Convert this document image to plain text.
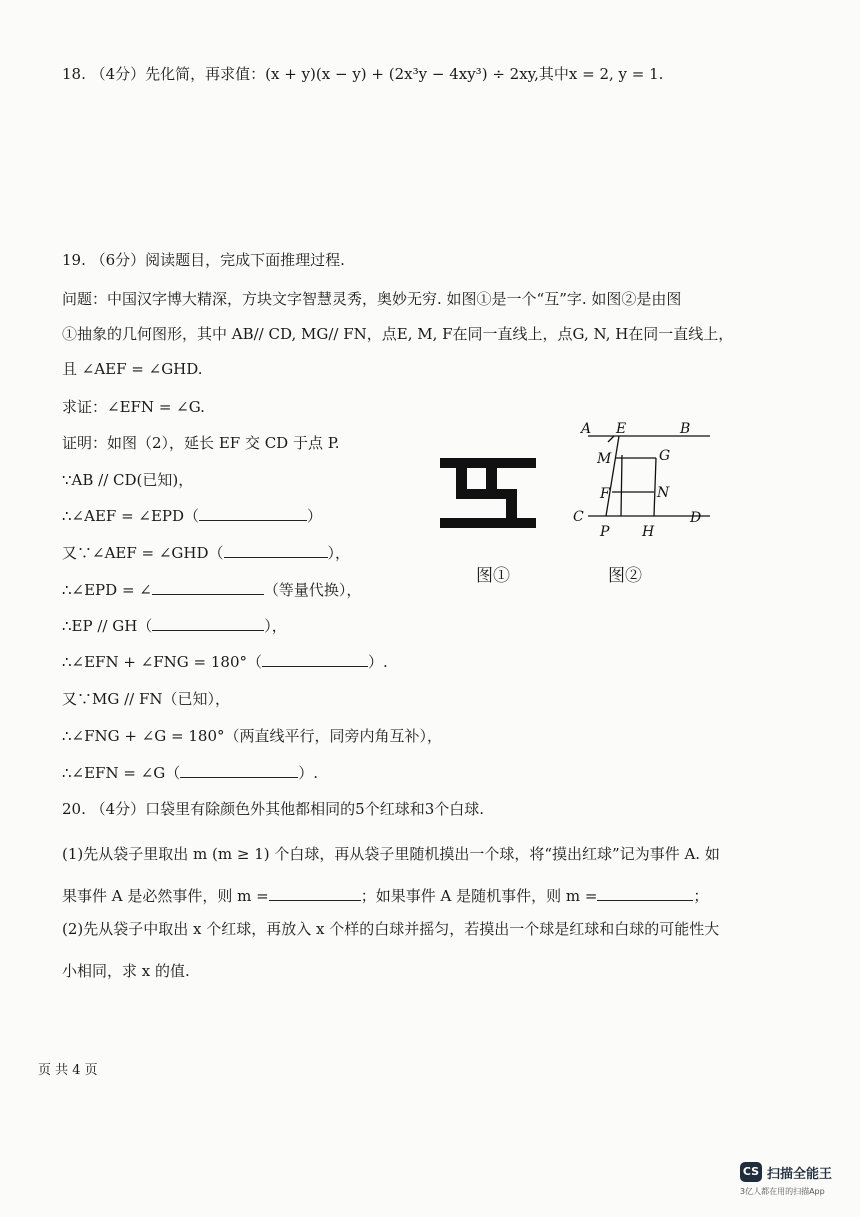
18. （4分）先化简，再求值：(x + y)(x − y) + (2x³y − 4xy³) ÷ 2xy,其中x = 2, y = 1.
19. （6分）阅读题目，完成下面推理过程.
问题：中国汉字博大精深，方块文字智慧灵秀，奥妙无穷. 如图①是一个“互”字. 如图②是由图
①抽象的几何图形，其中 AB// CD, MG// FN，点E, M, F在同一直线上，点G, N, H在同一直线上，
且 ∠AEF = ∠GHD.
求证：∠EFN = ∠G.
证明：如图（2），延长 EF 交 CD 于点 P.
∵AB // CD(已知)，
∴∠AEF = ∠EPD（	）
又∵∠AEF = ∠GHD（	），
∴∠EPD = ∠	（等量代换），
∴EP // GH（	），
∴∠EFN + ∠FNG = 180°（	）.
又∵MG // FN（已知），
∴∠FNG + ∠G = 180°（两直线平行，同旁内角互补），
∴∠EFN = ∠G（	）.
A E	B
M	G
F	N
C	D
P H
图①	图②
20. （4分）口袋里有除颜色外其他都相同的5个红球和3个白球.
(1)先从袋子里取出 m (m ≥ 1) 个白球，再从袋子里随机摸出一个球，将“摸出红球”记为事件 A. 如
果事件 A 是必然事件，则 m =	；如果事件 A 是随机事件，则 m =	；
(2)先从袋子中取出 x 个红球，再放入 x 个样的白球并摇匀，若摸出一个球是红球和白球的可能性大
小相同，求 x 的值.
页 共 4 页
CS 扫描全能王
3亿人都在用的扫描App
